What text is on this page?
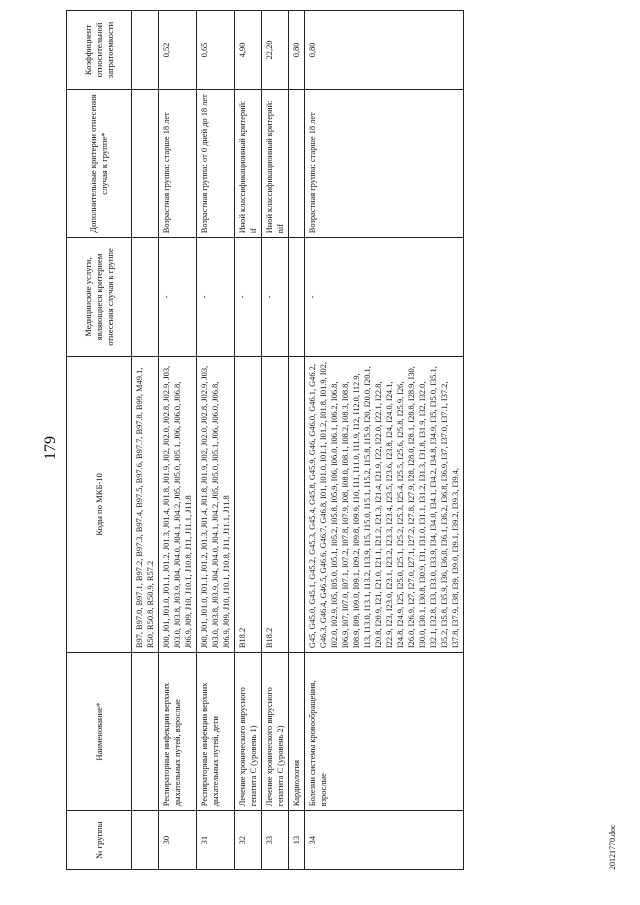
179
№ группы	Наименование*	Коды по МКБ-10	Медицинские услуги, являющиеся критерием отнесения случая к группе	Дополнительные критерии отнесения случая к группе*	Коэффициент относительной затратоемкости
		B97, B97.0, B97.1, B97.2, B97.3, B97.4, B97.5, B97.6, B97.7, B97.8, B99, M49.1, R50, R50.8, R50.9, R57.2			
30	Респираторные инфекции верхних дыхательных путей, взрослые	J00, J01, J01.0, J01.1, J01.2, J01.3, J01.4, J01.8, J01.9, J02, J02.0, J02.8, J02.9, J03, J03.0, J03.8, J03.9, J04, J04.0, J04.1, J04.2, J05, J05.0, J05.1, J06, J06.0, J06.8, J06.9, J09, J10, J10.1, J10.8, J11, J11.1, J11.8	-	Возрастная группа: старше 18 лет	0,52
31	Респираторные инфекции верхних дыхательных путей, дети	J00, J01, J01.0, J01.1, J01.2, J01.3, J01.4, J01.8, J01.9, J02, J02.0, J02.8, J02.9, J03, J03.0, J03.8, J03.9, J04, J04.0, J04.1, J04.2, J05, J05.0, J05.1, J06, J06.0, J06.8, J06.9, J09, J10, J10.1, J10.8, J11, J11.1, J11.8	-	Возрастная группа: от 0 дней до 18 лет	0,65
32	Лечение хронического вирусного гепатита C (уровень 1)	B18.2	-	Иной классификационный критерий: if	4,90
33	Лечение хронического вирусного гепатита C (уровень 2)	B18.2	-	Иной классификационный критерий: nif	22,20
13	Кардиология				0,80
34	Болезни системы кровообращения, взрослые	G45, G45.0, G45.1, G45.2, G45.3, G45.4, G45.8, G45.9, G46, G46.0, G46.1, G46.2, G46.3, G46.4, G46.5, G46.6, G46.7, G46.8, I01, I01.0, I01.1, I01.2, I01.8, I01.9, I02, I02.0, I02.9, I05, I05.0, I05.1, I05.2, I05.8, I05.9, I06, I06.0, I06.1, I06.2, I06.8, I06.9, I07, I07.0, I07.1, I07.2, I07.8, I07.9, I08, I08.0, I08.1, I08.2, I08.3, I08.8, I08.9, I09, I09.0, I09.1, I09.2, I09.8, I09.9, I10, I11, I11.0, I11.9, I12, I12.0, I12.9, I13, I13.0, I13.1, I13.2, I13.9, I15, I15.0, I15.1, I15.2, I15.8, I15.9, I20, I20.0, I20.1, I20.8, I20.9, I21, I21.0, I21.1, I21.2, I21.3, I21.4, I21.9, I22, I22.0, I22.1, I22.8, I22.9, I23, I23.0, I23.1, I23.2, I23.3, I23.4, I23.5, I23.6, I23.8, I24, I24.0, I24.1, I24.8, I24.9, I25, I25.0, I25.1, I25.2, I25.3, I25.4, I25.5, I25.6, I25.8, I25.9, I26, I26.0, I26.9, I27, I27.0, I27.1, I27.2, I27.8, I27.9, I28, I28.0, I28.1, I28.8, I28.9, I30, I30.0, I30.1, I30.8, I30.9, I31, I31.0, I31.1, I31.2, I31.3, I31.8, I31.9, I32, I32.0, I32.1, I32.8, I33, I33.0, I33.9, I34, I34.0, I34.1, I34.2, I34.8, I34.9, I35, I35.0, I35.1, I35.2, I35.8, I35.9, I36, I36.0, I36.1, I36.2, I36.8, I36.9, I37, I37.0, I37.1, I37.2, I37.8, I37.9, I38, I39, I39.0, I39.1, I39.2, I39.3, I39.4,	-	Возрастная группа: старше 18 лет	0,80
20121770.doc
